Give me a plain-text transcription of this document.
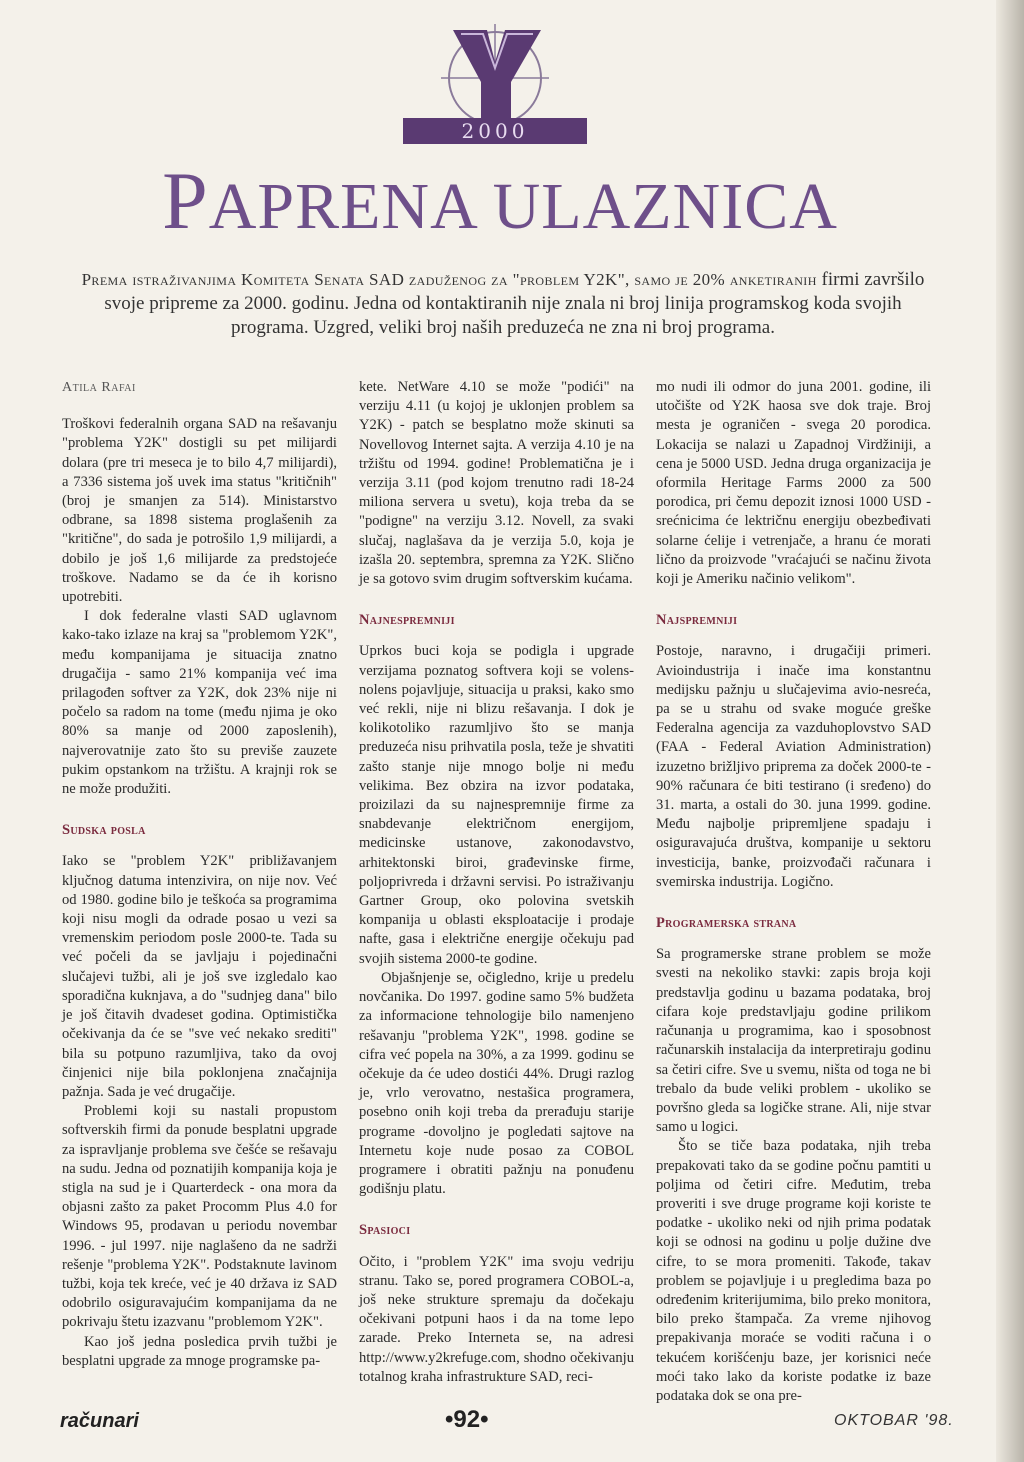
2000
PAPRENA ULAZNICA

Prema istraživanjima Komiteta Senata SAD zaduženog za "problem Y2K", samo je 20% anketiranih firmi završilo svoje pripreme za 2000. godinu. Jedna od kontaktiranih nije znala ni broj linija programskog koda svojih programa. Uzgred, veliki broj naših preduzeća ne zna ni broj programa.

Atila Rafai

Troškovi federalnih organa SAD na rešavanju "problema Y2K" dostigli su pet milijardi dolara (pre tri meseca je to bilo 4,7 milijardi), a 7336 sistema još uvek ima status "kritičnih" (broj je smanjen za 514). Ministarstvo odbrane, sa 1898 sistema proglašenih za "kritične", do sada je potrošilo 1,9 milijardi, a dobilo je još 1,6 milijarde za predstojeće troškove. Nadamo se da će ih korisno upotrebiti.

I dok federalne vlasti SAD uglavnom kako-tako izlaze na kraj sa "problemom Y2K", među kompanijama je situacija znatno drugačija - samo 21% kompanija već ima prilagođen softver za Y2K, dok 23% nije ni počelo sa radom na tome (među njima je oko 80% sa manje od 2000 zaposlenih), najverovatnije zato što su previše zauzete pukim opstankom na tržištu. A krajnji rok se ne može produžiti.

Sudska posla

Iako se "problem Y2K" približavanjem ključnog datuma intenzivira, on nije nov. Već od 1980. godine bilo je teškoća sa programima koji nisu mogli da odrade posao u vezi sa vremenskim periodom posle 2000-te. Tada su već počeli da se javljaju i pojedinačni slučajevi tužbi, ali je još sve izgledalo kao sporadična kuknjava, a do "sudnjeg dana" bilo je još čitavih dvadeset godina. Optimistička očekivanja da će se "sve već nekako srediti" bila su potpuno razumljiva, tako da ovoj činjenici nije bila poklonjena značajnija pažnja. Sada je već drugačije.

Problemi koji su nastali propustom softverskih firmi da ponude besplatni upgrade za ispravljanje problema sve češće se rešavaju na sudu. Jedna od poznatijih kompanija koja je stigla na sud je i Quarterdeck - ona mora da objasni zašto za paket Procomm Plus 4.0 for Windows 95, prodavan u periodu novembar 1996. - jul 1997. nije naglašeno da ne sadrži rešenje "problema Y2K". Podstaknute lavinom tužbi, koja tek kreće, već je 40 država iz SAD odobrilo osiguravajućim kompanijama da ne pokrivaju štetu izazvanu "problemom Y2K".

Kao još jedna posledica prvih tužbi je besplatni upgrade za mnoge programske pa-

kete. NetWare 4.10 se može "podići" na verziju 4.11 (u kojoj je uklonjen problem sa Y2K) - patch se besplatno može skinuti sa Novellovog Internet sajta. A verzija 4.10 je na tržištu od 1994. godine! Problematična je i verzija 3.11 (pod kojom trenutno radi 18-24 miliona servera u svetu), koja treba da se "podigne" na verziju 3.12. Novell, za svaki slučaj, naglašava da je verzija 5.0, koja je izašla 20. septembra, spremna za Y2K. Slično je sa gotovo svim drugim softverskim kućama.

Najnespremniji

Uprkos buci koja se podigla i upgrade verzijama poznatog softvera koji se volens-nolens pojavljuje, situacija u praksi, kako smo već rekli, nije ni blizu rešavanja. I dok je kolikotoliko razumljivo što se manja preduzeća nisu prihvatila posla, teže je shvatiti zašto stanje nije mnogo bolje ni među velikima. Bez obzira na izvor podataka, proizilazi da su najnespremnije firme za snabdevanje električnom energijom, medicinske ustanove, zakonodavstvo, arhitektonski biroi, građevinske firme, poljoprivreda i državni servisi. Po istraživanju Gartner Group, oko polovina svetskih kompanija u oblasti eksploatacije i prodaje nafte, gasa i električne energije očekuju pad svojih sistema 2000-te godine.

Objašnjenje se, očigledno, krije u predelu novčanika. Do 1997. godine samo 5% budžeta za informacione tehnologije bilo namenjeno rešavanju "problema Y2K", 1998. godine se cifra već popela na 30%, a za 1999. godinu se očekuje da će udeo dostići 44%. Drugi razlog je, vrlo verovatno, nestašica programera, posebno onih koji treba da prerađuju starije programe -dovoljno je pogledati sajtove na Internetu koje nude posao za COBOL programere i obratiti pažnju na ponuđenu godišnju platu.

Spasioci

Očito, i "problem Y2K" ima svoju vedriju stranu. Tako se, pored programera COBOL-a, još neke strukture spremaju da dočekaju očekivani potpuni haos i da na tome lepo zarade. Preko Interneta se, na adresi http://www.y2krefuge.com, shodno očekivanju totalnog kraha infrastrukture SAD, reci-

mo nudi ili odmor do juna 2001. godine, ili utočište od Y2K haosa sve dok traje. Broj mesta je ograničen - svega 20 porodica. Lokacija se nalazi u Zapadnoj Virdžiniji, a cena je 5000 USD. Jedna druga organizacija je oformila Heritage Farms 2000 za 500 porodica, pri čemu depozit iznosi 1000 USD - srećnicima će lektričnu energiju obezbeđivati solarne ćelije i vetrenjače, a hranu će morati lično da proizvode "vraćajući se načinu života koji je Ameriku načinio velikom".

Najspremniji

Postoje, naravno, i drugačiji primeri. Avioindustrija i inače ima konstantnu medijsku pažnju u slučajevima avio-nesreća, pa se u strahu od svake moguće greške Federalna agencija za vazduhoplovstvo SAD (FAA - Federal Aviation Administration) izuzetno brižljivo priprema za doček 2000-te - 90% računara će biti testirano (i sređeno) do 31. marta, a ostali do 30. juna 1999. godine. Među najbolje pripremljene spadaju i osiguravajuća društva, kompanije u sektoru investicija, banke, proizvođači računara i svemirska industrija. Logično.

Programerska strana

Sa programerske strane problem se može svesti na nekoliko stavki: zapis broja koji predstavlja godinu u bazama podataka, broj cifara koje predstavljaju godine prilikom računanja u programima, kao i sposobnost računarskih instalacija da interpretiraju godinu sa četiri cifre. Sve u svemu, ništa od toga ne bi trebalo da bude veliki problem - ukoliko se površno gleda sa logičke strane. Ali, nije stvar samo u logici.

Što se tiče baza podataka, njih treba prepakovati tako da se godine počnu pamtiti u poljima od četiri cifre. Međutim, treba proveriti i sve druge programe koji koriste te podatke - ukoliko neki od njih prima podatak koji se odnosi na godinu u polje dužine dve cifre, to se mora promeniti. Takođe, takav problem se pojavljuje i u pregledima baza po određenim kriterijumima, bilo preko monitora, bilo preko štampača. Za vreme njihovog prepakivanja moraće se voditi računa i o tekućem korišćenju baze, jer korisnici neće moći tako lako da koriste podatke iz baze podataka dok se ona pre-

računari	•92•	OKTOBAR '98.
